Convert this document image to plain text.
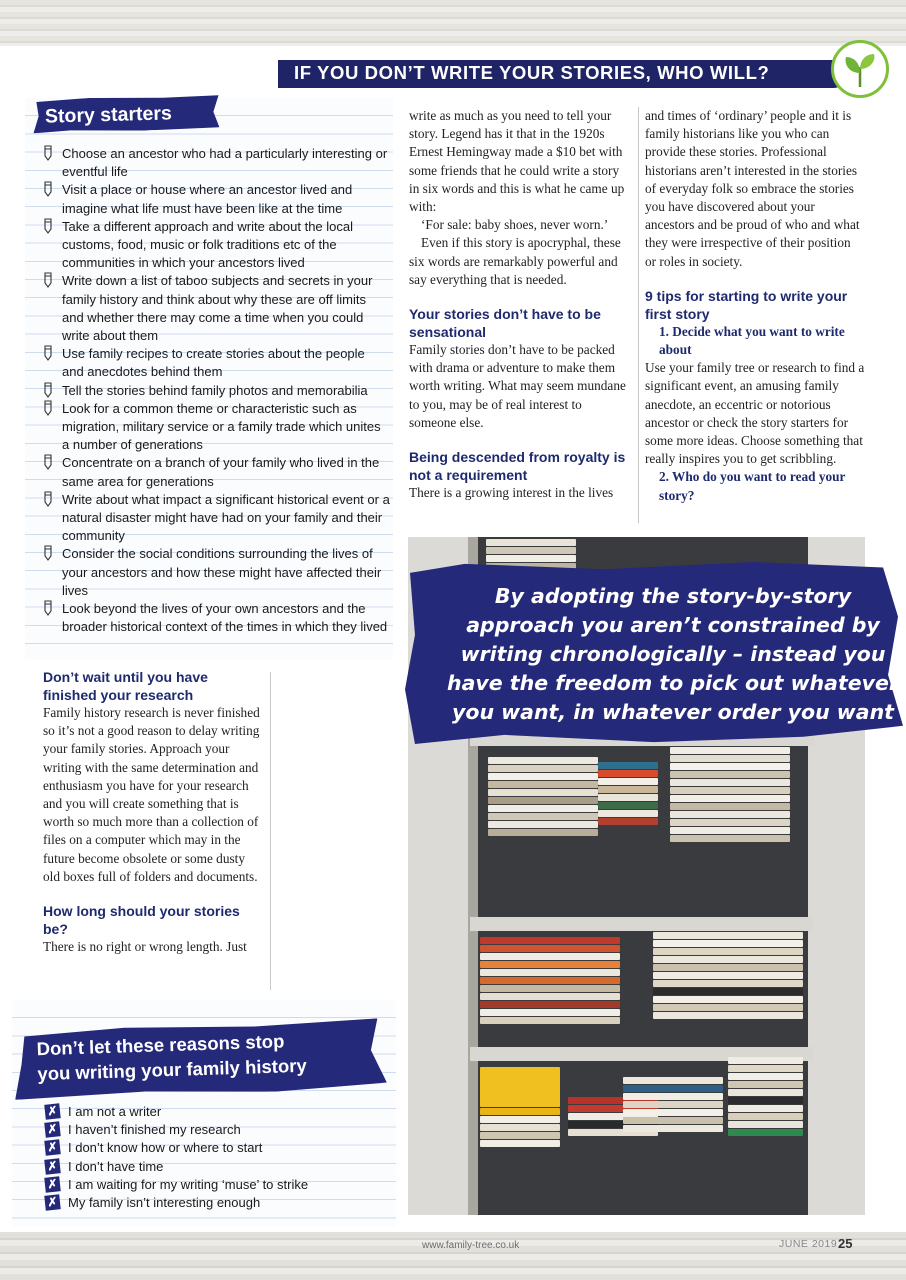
IF YOU DON’T WRITE YOUR STORIES, WHO WILL?
Story starters
Choose an ancestor who had a particularly interesting or eventful life
Visit a place or house where an ancestor lived and imagine what life must have been like at the time
Take a different approach and write about the local customs, food, music or folk traditions etc of the communities in which your ancestors lived
Write down a list of taboo subjects and secrets in your family history and think about why these are off limits and whether there may come a time when you could write about them
Use family recipes to create stories about the people and anecdotes behind them
Tell the stories behind family photos and memorabilia
Look for a common theme or characteristic such as migration, military service or a family trade which unites a number of generations
Concentrate on a branch of your family who lived in the same area for generations
Write about what impact a significant historical event or a natural disaster might have had on your family and their community
Consider the social conditions surrounding the lives of your ancestors and how these might have affected their lives
Look beyond the lives of your own ancestors and the broader historical context of the times in which they lived

Don’t wait until you have finished your research

Family history research is never finished so it’s not a good reason to delay writing your family stories. Approach your writing with the same determination and enthusiasm you have for your research and you will create something that is worth so much more than a collection of files on a computer which may in the future become obsolete or some dusty old boxes full of folders and documents.

How long should your stories be?

There is no right or wrong length. Just

write as much as you need to tell your story. Legend has it that in the 1920s Ernest Hemingway made a $10 bet with some friends that he could write a story in six words and this is what he came up with:

‘For sale: baby shoes, never worn.’

Even if this story is apocryphal, these six words are remarkably powerful and say everything that is needed.

Your stories don’t have to be sensational

Family stories don’t have to be packed with drama or adventure to make them worth writing. What may seem mundane to you, may be of real interest to someone else.

Being descended from royalty is not a requirement

There is a growing interest in the lives

and times of ‘ordinary’ people and it is family historians like you who can provide these stories. Professional historians aren’t interested in the stories of everyday folk so embrace the stories you have discovered about your ancestors and be proud of who and what they were irrespective of their position or roles in society.

9 tips for starting to write your first story

1. Decide what you want to write about

Use your family tree or research to find a significant event, an amusing family anecdote, an eccentric or notorious ancestor or check the story starters for some more ideas. Choose something that really inspires you to get scribbling.

2. Who do you want to read your story?

By adopting the story-by-story approach you aren’t constrained by writing chronologically – instead you have the freedom to pick out whatever you want, in whatever order you want
Don’t let these reasons stop
you writing your family history
✗ I am not a writer
✗ I haven’t finished my research
✗ I don’t know how or where to start
✗ I don’t have time
✗ I am waiting for my writing ‘muse’ to strike
✗ My family isn’t interesting enough
www.family-tree.co.uk	JUNE 2019 25
